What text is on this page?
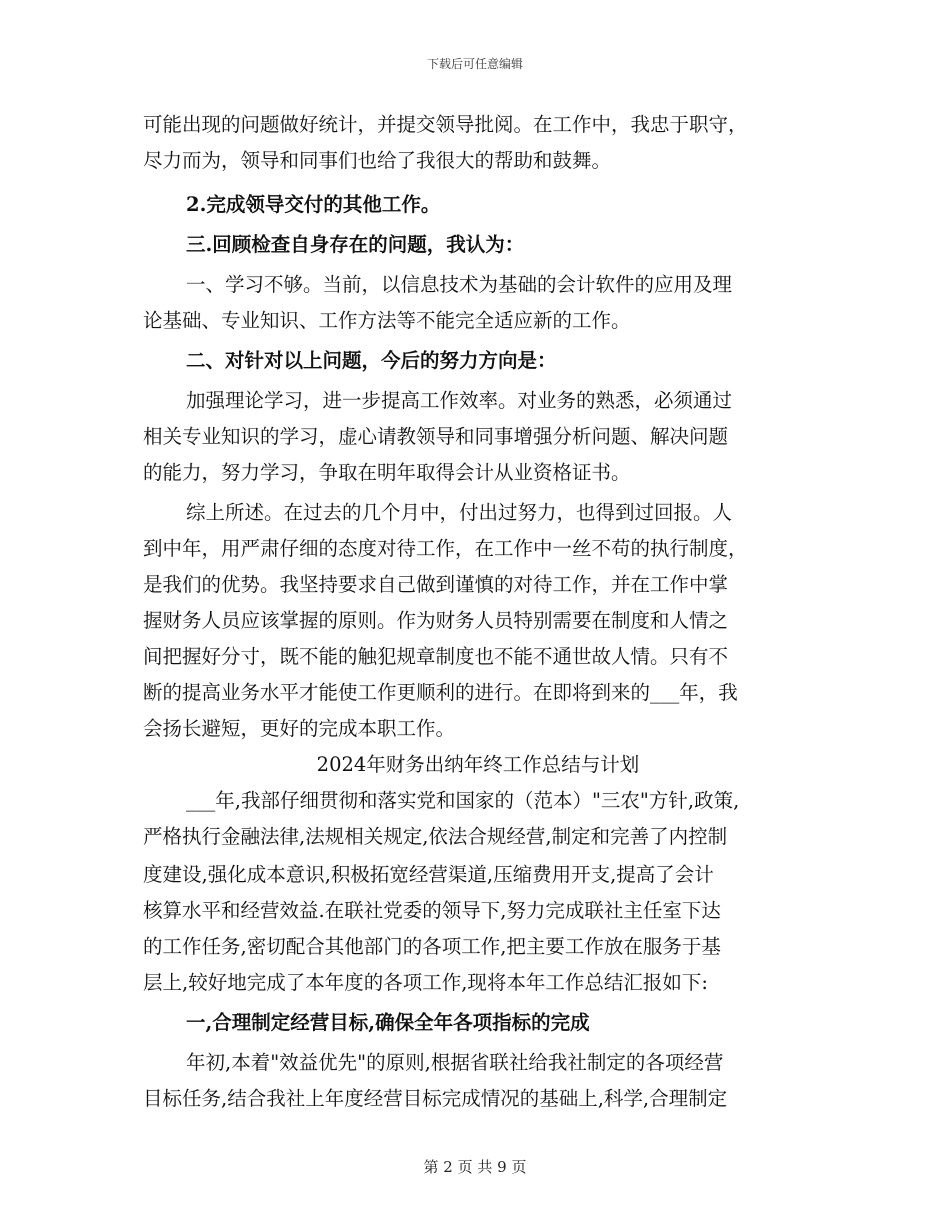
下载后可任意编辑
可能出现的问题做好统计，并提交领导批阅。在工作中，我忠于职守，
尽力而为，领导和同事们也给了我很大的帮助和鼓舞。
2.完成领导交付的其他工作。
三.回顾检查自身存在的问题，我认为：
一、学习不够。当前，以信息技术为基础的会计软件的应用及理
论基础、专业知识、工作方法等不能完全适应新的工作。
二、对针对以上问题，今后的努力方向是：
加强理论学习，进一步提高工作效率。对业务的熟悉，必须通过
相关专业知识的学习，虚心请教领导和同事增强分析问题、解决问题
的能力，努力学习，争取在明年取得会计从业资格证书。
综上所述。在过去的几个月中，付出过努力，也得到过回报。人
到中年，用严肃仔细的态度对待工作，在工作中一丝不苟的执行制度，
是我们的优势。我坚持要求自己做到谨慎的对待工作，并在工作中掌
握财务人员应该掌握的原则。作为财务人员特别需要在制度和人情之
间把握好分寸，既不能的触犯规章制度也不能不通世故人情。只有不
断的提高业务水平才能使工作更顺利的进行。在即将到来的___年，我
会扬长避短，更好的完成本职工作。
2024年财务出纳年终工作总结与计划
___年,我部仔细贯彻和落实党和国家的（范本）"三农"方针,政策,
严格执行金融法律,法规相关规定,依法合规经营,制定和完善了内控制
度建设,强化成本意识,积极拓宽经营渠道,压缩费用开支,提高了会计
核算水平和经营效益.在联社党委的领导下,努力完成联社主任室下达
的工作任务,密切配合其他部门的各项工作,把主要工作放在服务于基
层上,较好地完成了本年度的各项工作,现将本年工作总结汇报如下:
一,合理制定经营目标,确保全年各项指标的完成
年初,本着"效益优先"的原则,根据省联社给我社制定的各项经营
目标任务,结合我社上年度经营目标完成情况的基础上,科学,合理制定
第 2 页 共 9 页
